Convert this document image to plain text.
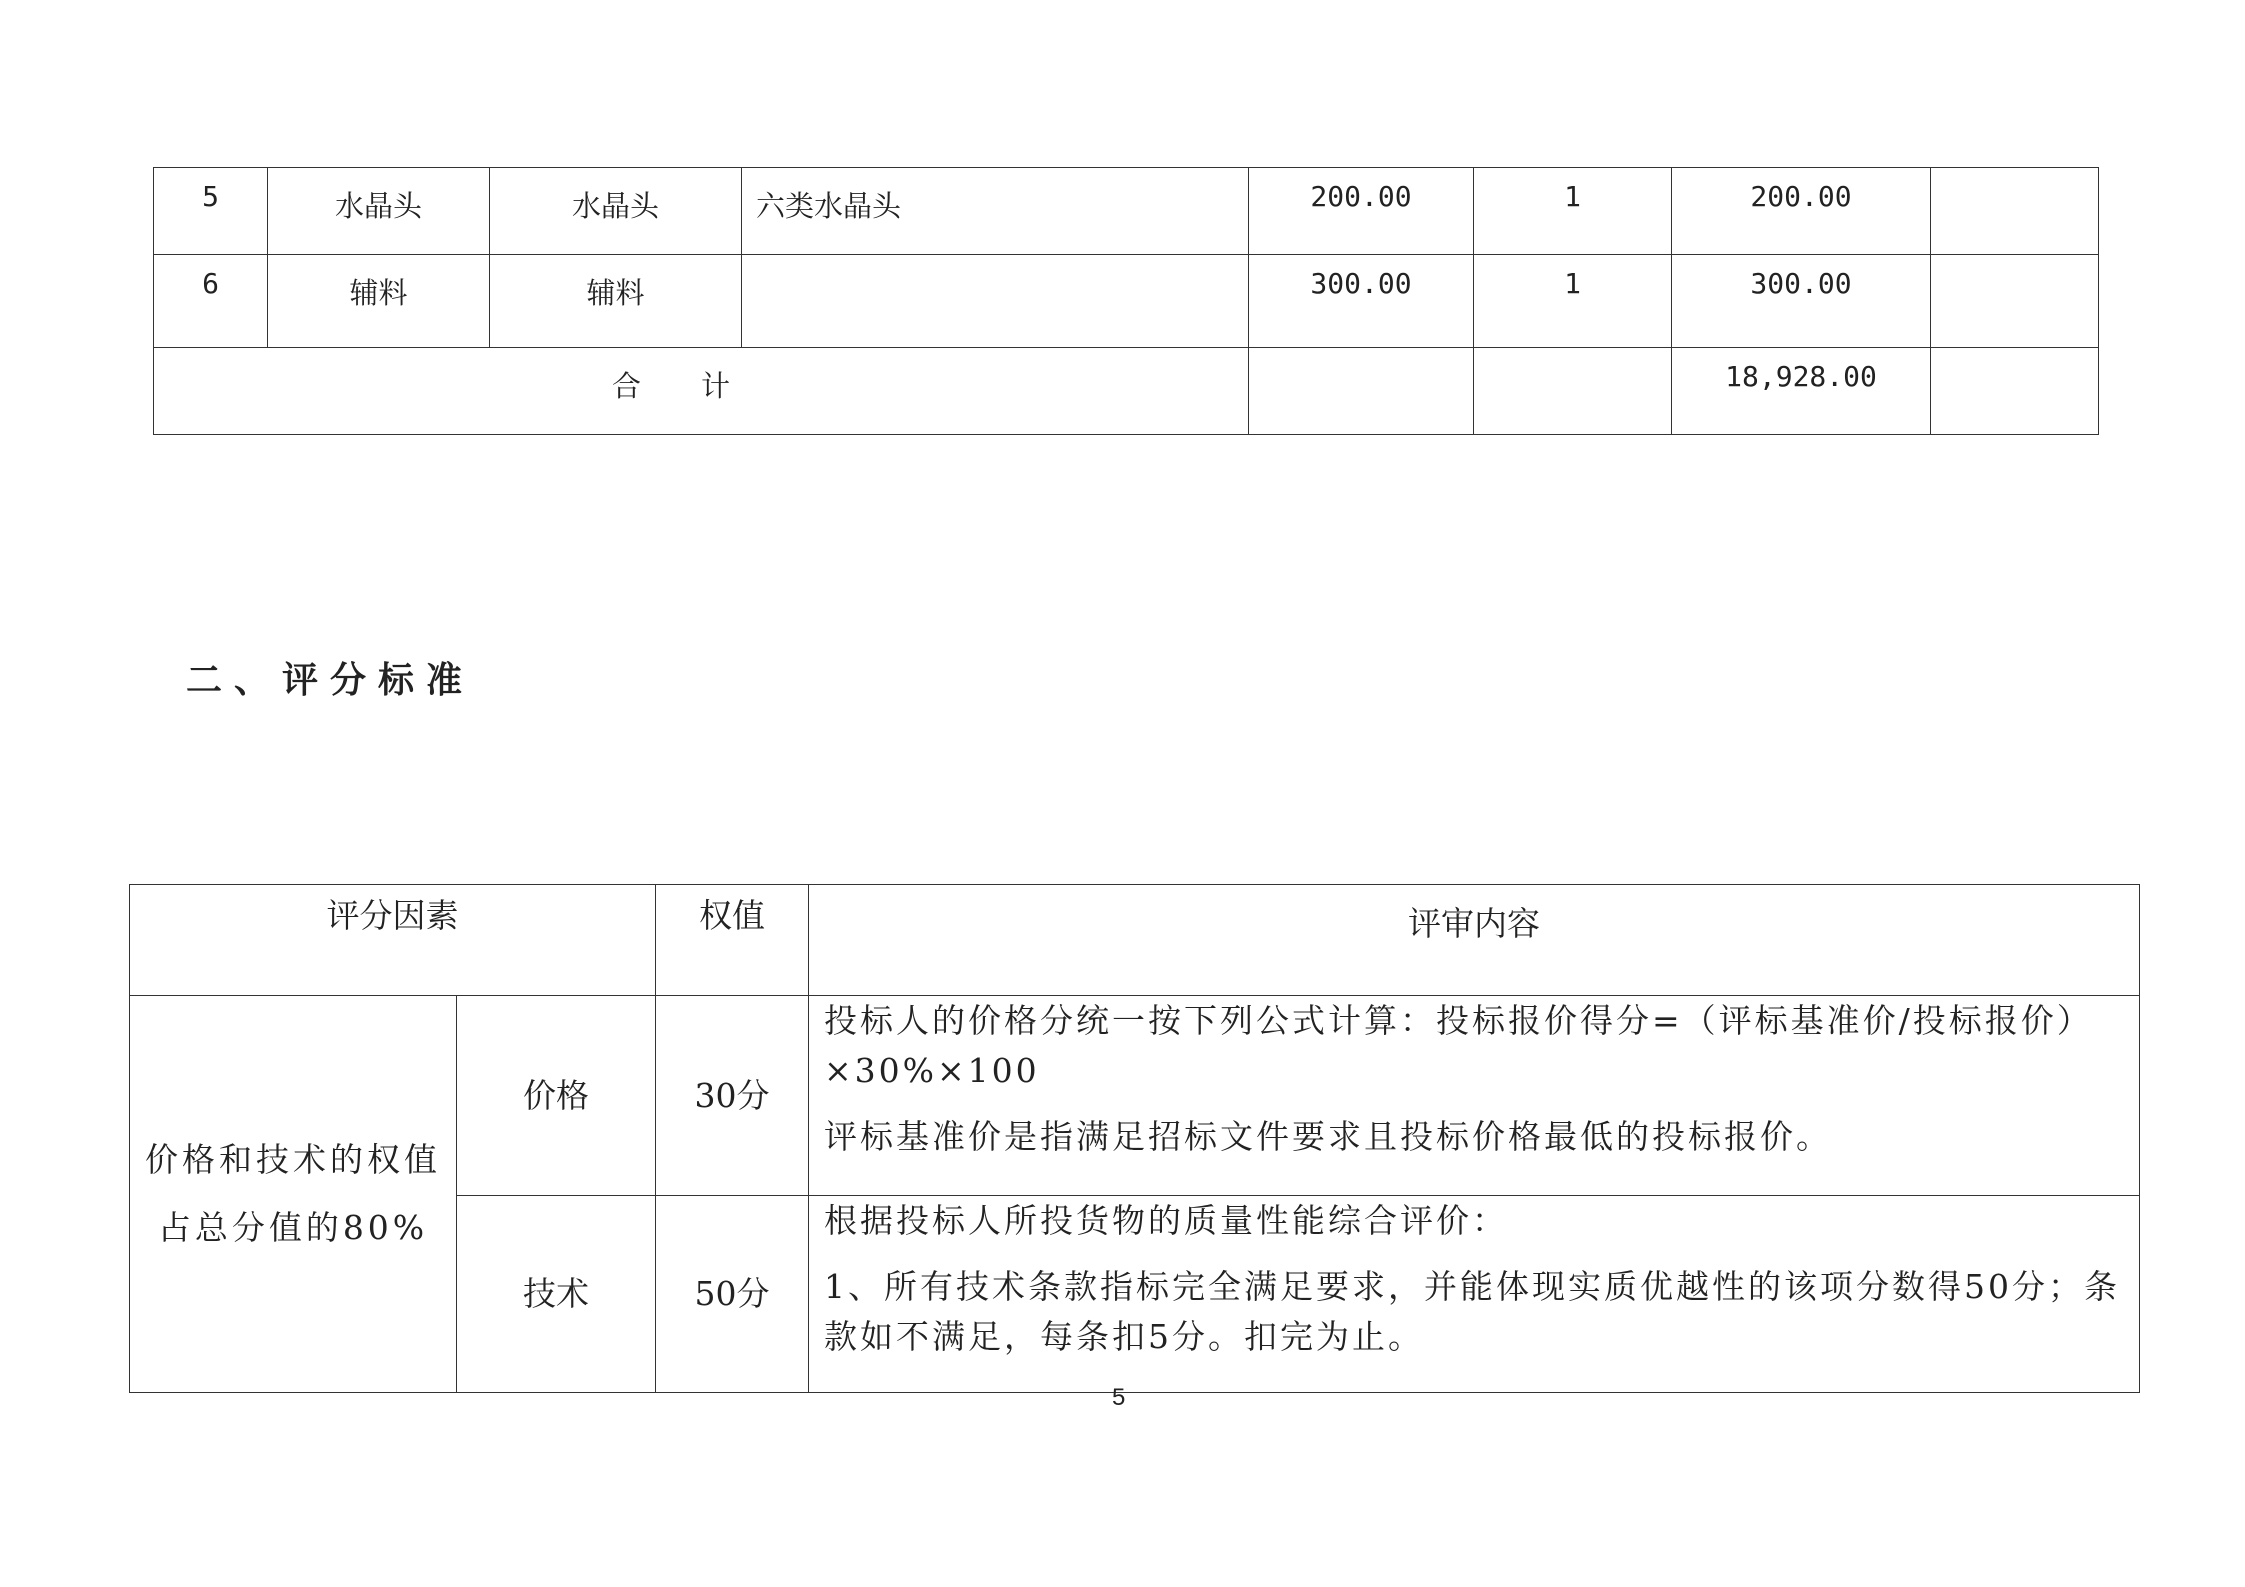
5	水晶头	水晶头	六类水晶头	200.00	1	200.00	
6	辅料	辅料		300.00	1	300.00	
合计						18,928.00	
二、评分标准
评分因素		权值	评审内容
价格和技术的权值占总分值的80%	价格	30分	投标人的价格分统一按下列公式计算：投标报价得分=（评标基准价/投标报价）×30%×100

评标基准价是指满足招标文件要求且投标价格最低的投标报价。

	技术	50分	根据投标人所投货物的质量性能综合评价：

1、所有技术条款指标完全满足要求，并能体现实质优越性的该项分数得50分；条款如不满足，每条扣5分。扣完为止。

5
